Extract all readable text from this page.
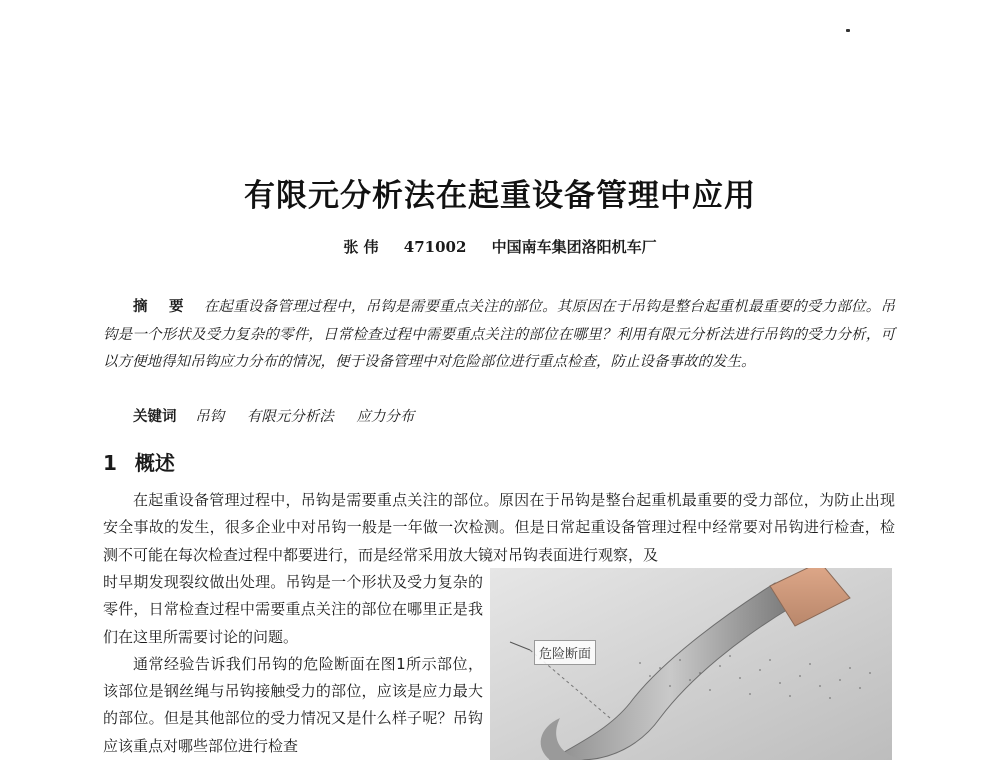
有限元分析法在起重设备管理中应用
张 伟 471002 中国南车集团洛阳机车厂
摘 要 在起重设备管理过程中，吊钩是需要重点关注的部位。其原因在于吊钩是整台起重机最重要的受力部位。吊钩是一个形状及受力复杂的零件，日常检查过程中需要重点关注的部位在哪里？利用有限元分析法进行吊钩的受力分析，可以方便地得知吊钩应力分布的情况，便于设备管理中对危险部位进行重点检查，防止设备事故的发生。
关键词 吊钩 有限元分析法 应力分布
1 概述
在起重设备管理过程中，吊钩是需要重点关注的部位。原因在于吊钩是整台起重机最重要的受力部位，为防止出现安全事故的发生，很多企业中对吊钩一般是一年做一次检测。但是日常起重设备管理过程中经常要对吊钩进行检查，检测不可能在每次检查过程中都要进行，而是经常采用放大镜对吊钩表面进行观察，及

时早期发现裂纹做出处理。吊钩是一个形状及受力复杂的零件，日常检查过程中需要重点关注的部位在哪里正是我们在这里所需要讨论的问题。

通常经验告诉我们吊钩的危险断面在图1所示部位，该部位是钢丝绳与吊钩接触受力的部位，应该是应力最大的部位。但是其他部位的受力情况又是什么样子呢？吊钩应该重点对哪些部位进行检查

危险断面
